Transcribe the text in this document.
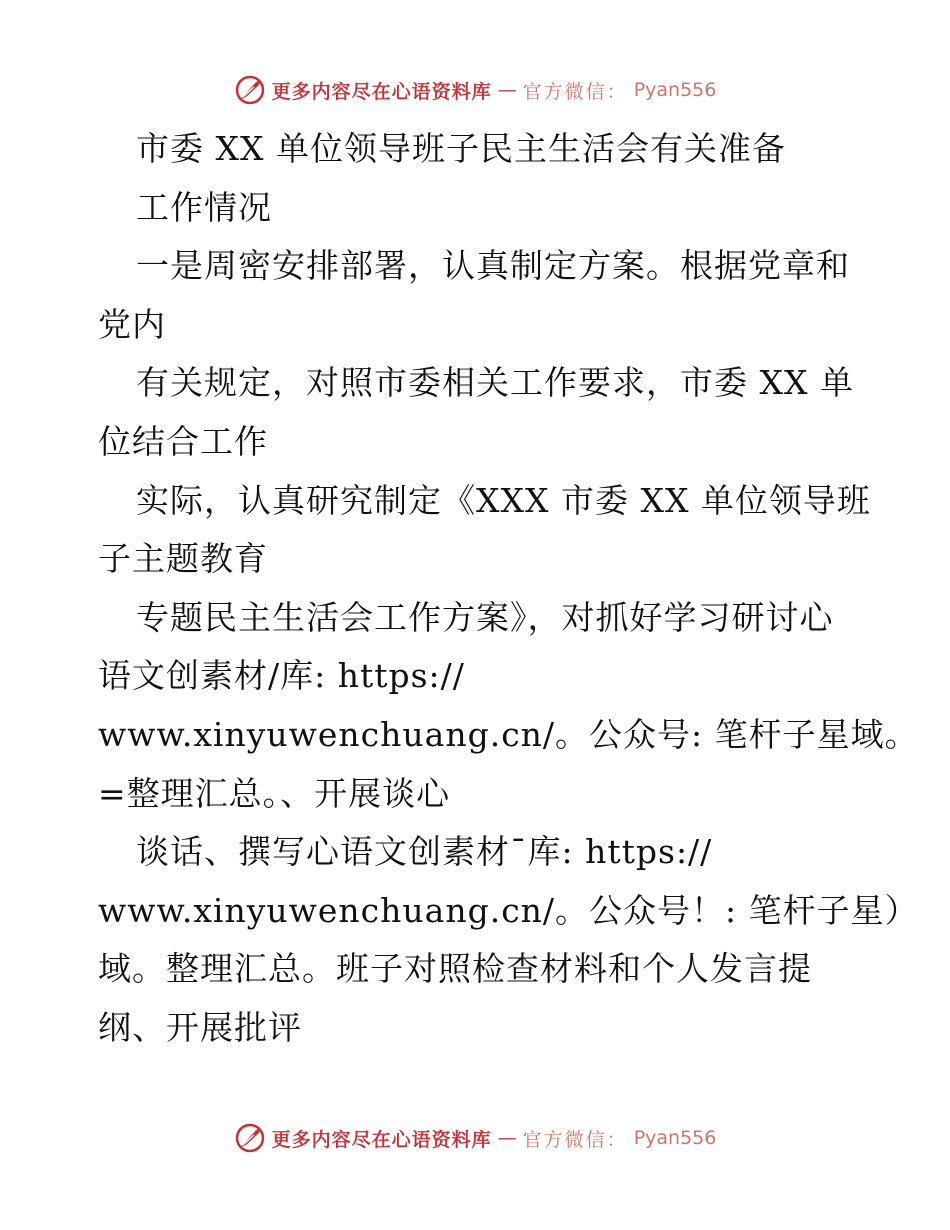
更多内容尽在心语资料库 — 官方微信： Pyan556
市委 XX 单位领导班子民主生活会有关准备
工作情况
一是周密安排部署，认真制定方案。根据党章和
党内
有关规定，对照市委相关工作要求，市委 XX 单
位结合工作
实际，认真研究制定《XXX 市委 XX 单位领导班
子主题教育
专题民主生活会工作方案》，对抓好学习研讨心
语文创素材/库: https://
www.xinyuwenchuang.cn/。公众号: 笔杆子星域。
=整理汇总。、开展谈心
谈话、撰写心语文创素材¯库: https://
www.xinyuwenchuang.cn/。公众号！: 笔杆子星）
域。整理汇总。班子对照检查材料和个人发言提
纲、开展批评
更多内容尽在心语资料库 — 官方微信： Pyan556
